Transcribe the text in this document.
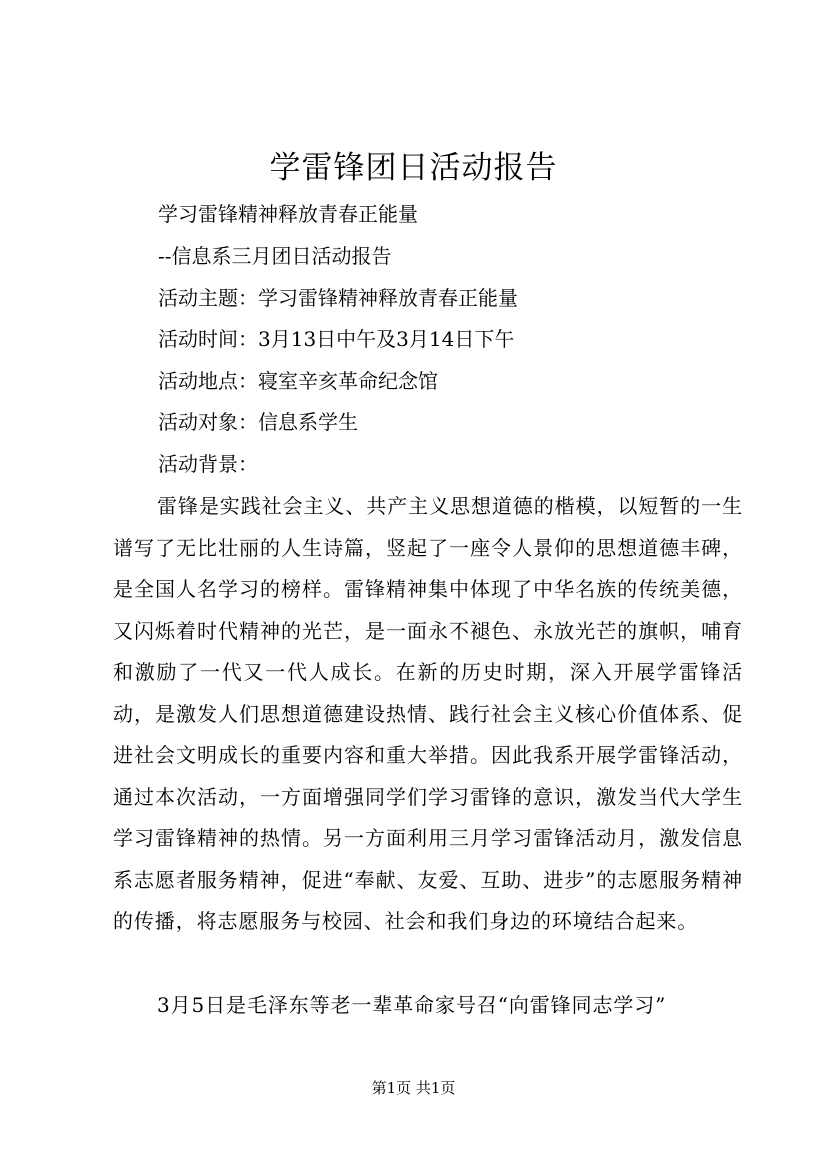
学雷锋团日活动报告
学习雷锋精神释放青春正能量
--信息系三月团日活动报告
活动主题：学习雷锋精神释放青春正能量
活动时间：3月13日中午及3月14日下午
活动地点：寝室辛亥革命纪念馆
活动对象：信息系学生
活动背景：

雷锋是实践社会主义、共产主义思想道德的楷模，以短暂的一生谱写了无比壮丽的人生诗篇，竖起了一座令人景仰的思想道德丰碑，是全国人名学习的榜样。雷锋精神集中体现了中华名族的传统美德，又闪烁着时代精神的光芒，是一面永不褪色、永放光芒的旗帜，哺育和激励了一代又一代人成长。在新的历史时期，深入开展学雷锋活动，是激发人们思想道德建设热情、践行社会主义核心价值体系、促进社会文明成长的重要内容和重大举措。因此我系开展学雷锋活动，通过本次活动，一方面增强同学们学习雷锋的意识，激发当代大学生学习雷锋精神的热情。另一方面利用三月学习雷锋活动月，激发信息系志愿者服务精神，促进“奉献、友爱、互助、进步”的志愿服务精神的传播，将志愿服务与校园、社会和我们身边的环境结合起来。

3月5日是毛泽东等老一辈革命家号召“向雷锋同志学习”

第1页 共1页
